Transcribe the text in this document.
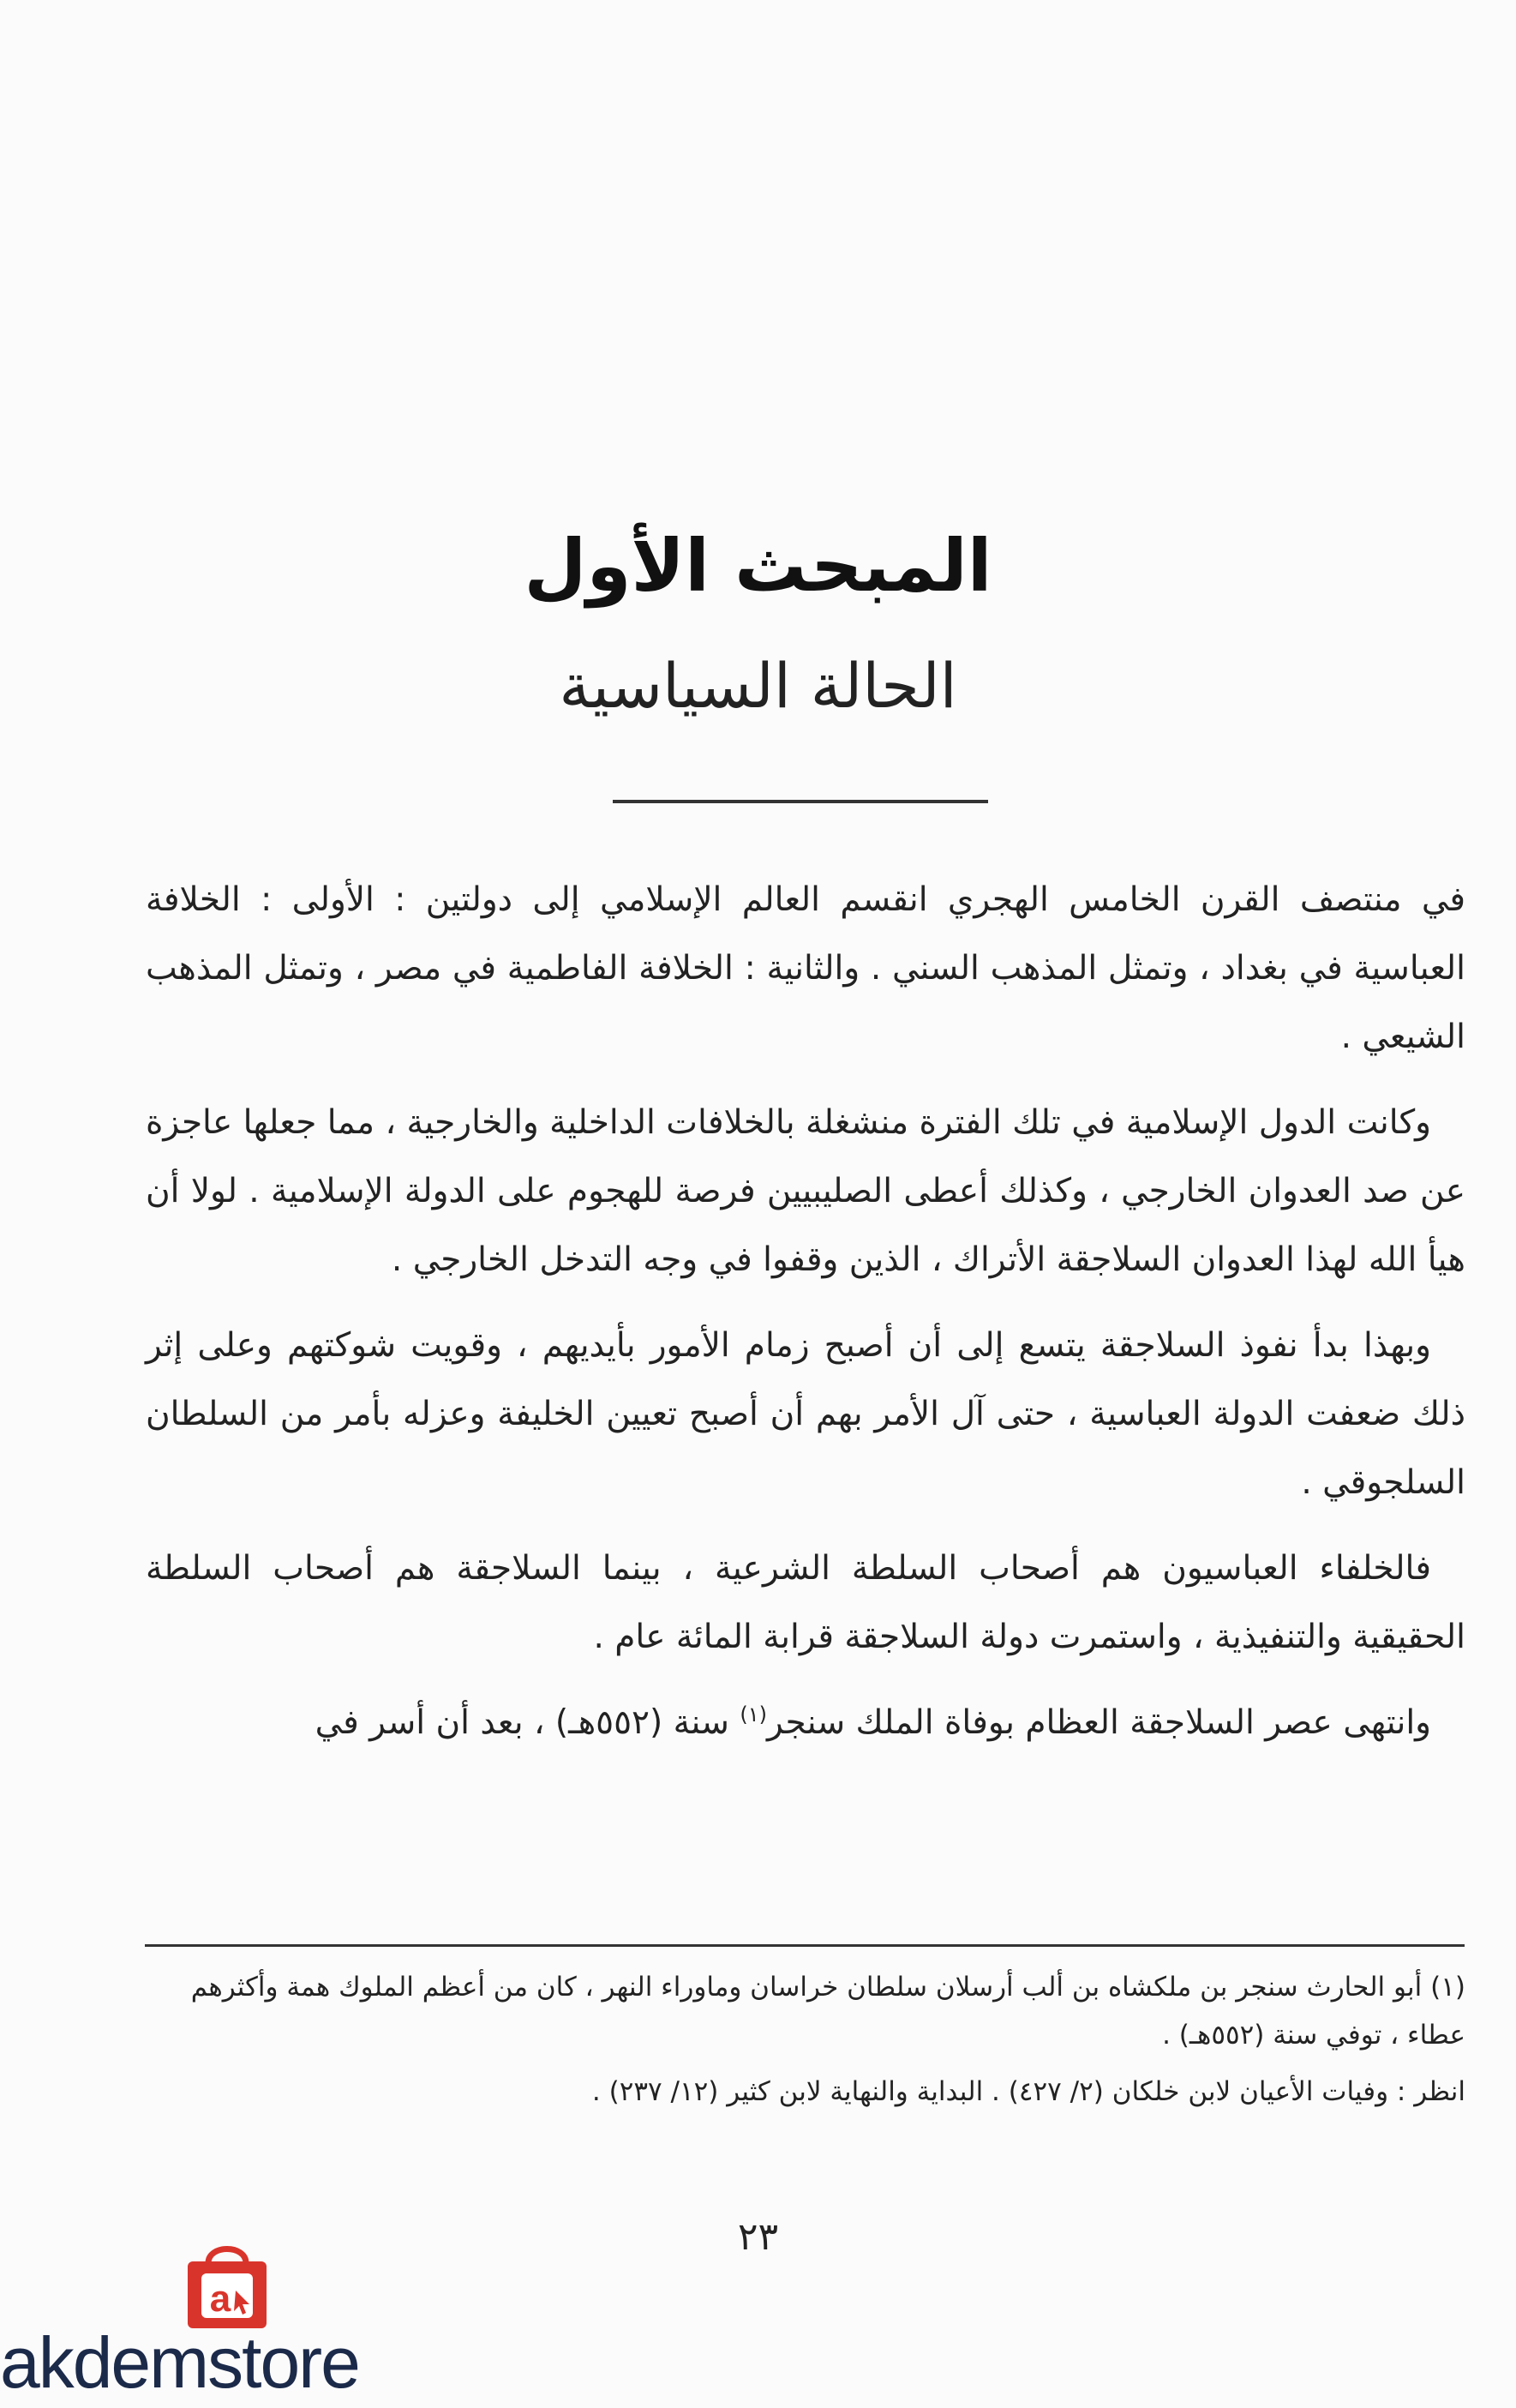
المبحث الأول
الحالة السياسية

في منتصف القرن الخامس الهجري انقسم العالم الإسلامي إلى دولتين : الأولى : الخلافة العباسية في بغداد ، وتمثل المذهب السني . والثانية : الخلافة الفاطمية في مصر ، وتمثل المذهب الشيعي .

وكانت الدول الإسلامية في تلك الفترة منشغلة بالخلافات الداخلية والخارجية ، مما جعلها عاجزة عن صد العدوان الخارجي ، وكذلك أعطى الصليبيين فرصة للهجوم على الدولة الإسلامية . لولا أن هيأ الله لهذا العدوان السلاجقة الأتراك ، الذين وقفوا في وجه التدخل الخارجي .

وبهذا بدأ نفوذ السلاجقة يتسع إلى أن أصبح زمام الأمور بأيديهم ، وقويت شوكتهم وعلى إثر ذلك ضعفت الدولة العباسية ، حتى آل الأمر بهم أن أصبح تعيين الخليفة وعزله بأمر من السلطان السلجوقي .

فالخلفاء العباسيون هم أصحاب السلطة الشرعية ، بينما السلاجقة هم أصحاب السلطة الحقيقية والتنفيذية ، واستمرت دولة السلاجقة قرابة المائة عام .

وانتهى عصر السلاجقة العظام بوفاة الملك سنجر$^{(١)}$ سنة (٥٥٢هـ) ، بعد أن أسر في

(١) أبو الحارث سنجر بن ملكشاه بن ألب أرسلان سلطان خراسان وماوراء النهر ، كان من أعظم الملوك همة وأكثرهم عطاء ، توفي سنة (٥٥٢هـ) .

انظر : وفيات الأعيان لابن خلكان (٢/ ٤٢٧) . البداية والنهاية لابن كثير (١٢/ ٢٣٧) .

٢٣
a
akdemstore
